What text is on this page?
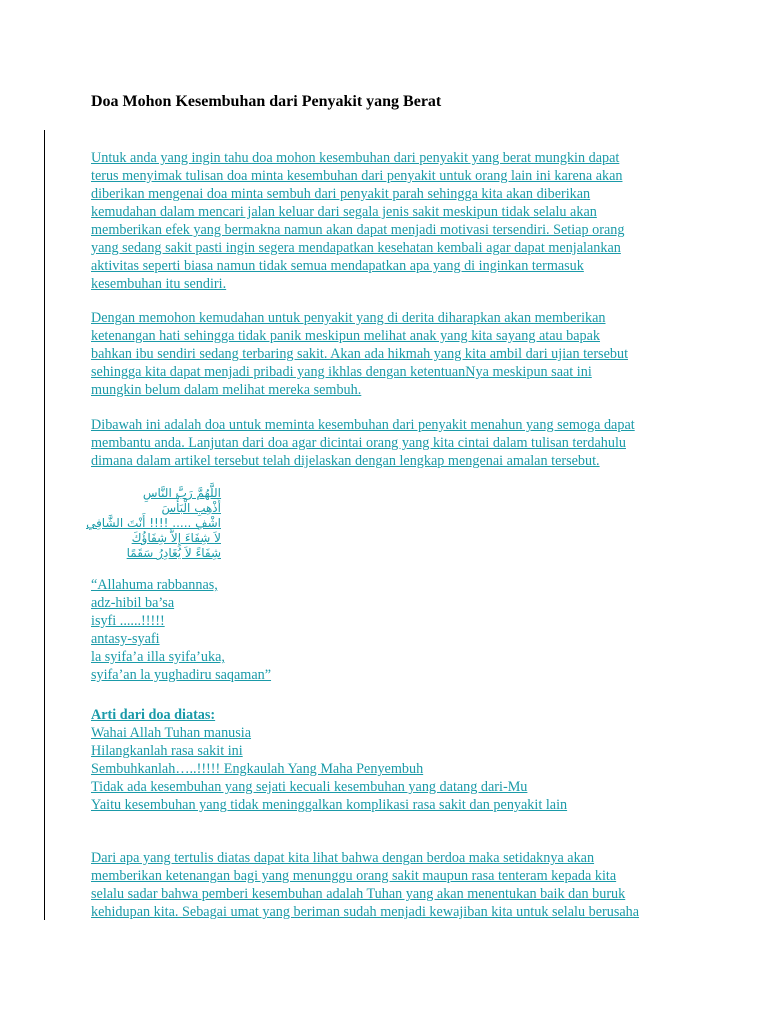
Doa Mohon Kesembuhan dari Penyakit yang Berat
Untuk anda yang ingin tahu doa mohon kesembuhan dari penyakit yang berat mungkin dapat
terus menyimak tulisan doa minta kesembuhan dari penyakit untuk orang lain ini karena akan
diberikan mengenai doa minta sembuh dari penyakit parah sehingga kita akan diberikan
kemudahan dalam mencari jalan keluar dari segala jenis sakit meskipun tidak selalu akan
memberikan efek yang bermakna namun akan dapat menjadi motivasi tersendiri. Setiap orang
yang sedang sakit pasti ingin segera mendapatkan kesehatan kembali agar dapat menjalankan
aktivitas seperti biasa namun tidak semua mendapatkan apa yang di inginkan termasuk
kesembuhan itu sendiri.
Dengan memohon kemudahan untuk penyakit yang di derita diharapkan akan memberikan
ketenangan hati sehingga tidak panik meskipun melihat anak yang kita sayang atau bapak
bahkan ibu sendiri sedang terbaring sakit. Akan ada hikmah yang kita ambil dari ujian tersebut
sehingga kita dapat menjadi pribadi yang ikhlas dengan ketentuanNya meskipun saat ini
mungkin belum dalam melihat mereka sembuh.
Dibawah ini adalah doa untuk meminta kesembuhan dari penyakit menahun yang semoga dapat
membantu anda. Lanjutan dari doa agar dicintai orang yang kita cintai dalam tulisan terdahulu
dimana dalam artikel tersebut telah dijelaskan dengan lengkap mengenai amalan tersebut.
اللَّهُمَّ رَبَّ النَّاسِ
أَذْهِبِ الْبَأْسَ
اشْفِ ..... !!!! أَنْتَ الشَّافِي
لاَ شِفَاءَ إِلاَّ شِفَاؤُكَ
شِفَاءً لاَ يُغَادِرُ سَقَمًا
“Allahuma rabbannas,
adz-hibil ba’sa
isyfi ......!!!!!
antasy-syafi
la syifa’a illa syifa’uka,
syifa’an la yughadiru saqaman”
Arti dari doa diatas:
Wahai Allah Tuhan manusia
Hilangkanlah rasa sakit ini
Sembuhkanlah…..!!!!! Engkaulah Yang Maha Penyembuh
Tidak ada kesembuhan yang sejati kecuali kesembuhan yang datang dari-Mu
Yaitu kesembuhan yang tidak meninggalkan komplikasi rasa sakit dan penyakit lain
Dari apa yang tertulis diatas dapat kita lihat bahwa dengan berdoa maka setidaknya akan
memberikan ketenangan bagi yang menunggu orang sakit maupun rasa tenteram kepada kita
selalu sadar bahwa pemberi kesembuhan adalah Tuhan yang akan menentukan baik dan buruk
kehidupan kita. Sebagai umat yang beriman sudah menjadi kewajiban kita untuk selalu berusaha
